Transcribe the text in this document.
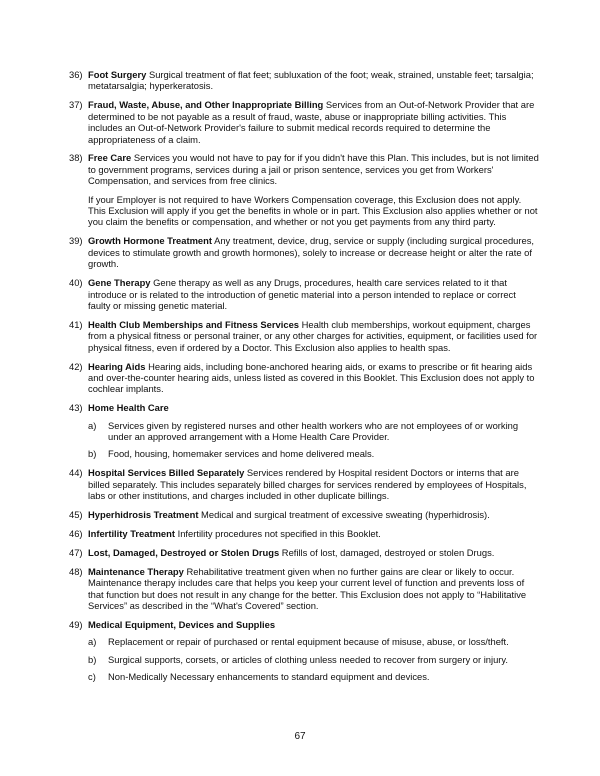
36) Foot Surgery Surgical treatment of flat feet; subluxation of the foot; weak, strained, unstable feet; tarsalgia; metatarsalgia; hyperkeratosis.
37) Fraud, Waste, Abuse, and Other Inappropriate Billing Services from an Out-of-Network Provider that are determined to be not payable as a result of fraud, waste, abuse or inappropriate billing activities. This includes an Out-of-Network Provider's failure to submit medical records required to determine the appropriateness of a claim.
38) Free Care Services you would not have to pay for if you didn't have this Plan. This includes, but is not limited to government programs, services during a jail or prison sentence, services you get from Workers' Compensation, and services from free clinics.
If your Employer is not required to have Workers Compensation coverage, this Exclusion does not apply. This Exclusion will apply if you get the benefits in whole or in part. This Exclusion also applies whether or not you claim the benefits or compensation, and whether or not you get payments from any third party.
39) Growth Hormone Treatment Any treatment, device, drug, service or supply (including surgical procedures, devices to stimulate growth and growth hormones), solely to increase or decrease height or alter the rate of growth.
40) Gene Therapy Gene therapy as well as any Drugs, procedures, health care services related to it that introduce or is related to the introduction of genetic material into a person intended to replace or correct faulty or missing genetic material.
41) Health Club Memberships and Fitness Services Health club memberships, workout equipment, charges from a physical fitness or personal trainer, or any other charges for activities, equipment, or facilities used for physical fitness, even if ordered by a Doctor. This Exclusion also applies to health spas.
42) Hearing Aids Hearing aids, including bone-anchored hearing aids, or exams to prescribe or fit hearing aids and over-the-counter hearing aids, unless listed as covered in this Booklet. This Exclusion does not apply to cochlear implants.
43) Home Health Care
a) Services given by registered nurses and other health workers who are not employees of or working under an approved arrangement with a Home Health Care Provider.
b) Food, housing, homemaker services and home delivered meals.
44) Hospital Services Billed Separately Services rendered by Hospital resident Doctors or interns that are billed separately. This includes separately billed charges for services rendered by employees of Hospitals, labs or other institutions, and charges included in other duplicate billings.
45) Hyperhidrosis Treatment Medical and surgical treatment of excessive sweating (hyperhidrosis).
46) Infertility Treatment Infertility procedures not specified in this Booklet.
47) Lost, Damaged, Destroyed or Stolen Drugs Refills of lost, damaged, destroyed or stolen Drugs.
48) Maintenance Therapy Rehabilitative treatment given when no further gains are clear or likely to occur. Maintenance therapy includes care that helps you keep your current level of function and prevents loss of that function but does not result in any change for the better. This Exclusion does not apply to “Habilitative Services” as described in the “What's Covered” section.
49) Medical Equipment, Devices and Supplies
a) Replacement or repair of purchased or rental equipment because of misuse, abuse, or loss/theft.
b) Surgical supports, corsets, or articles of clothing unless needed to recover from surgery or injury.
c) Non-Medically Necessary enhancements to standard equipment and devices.
67
